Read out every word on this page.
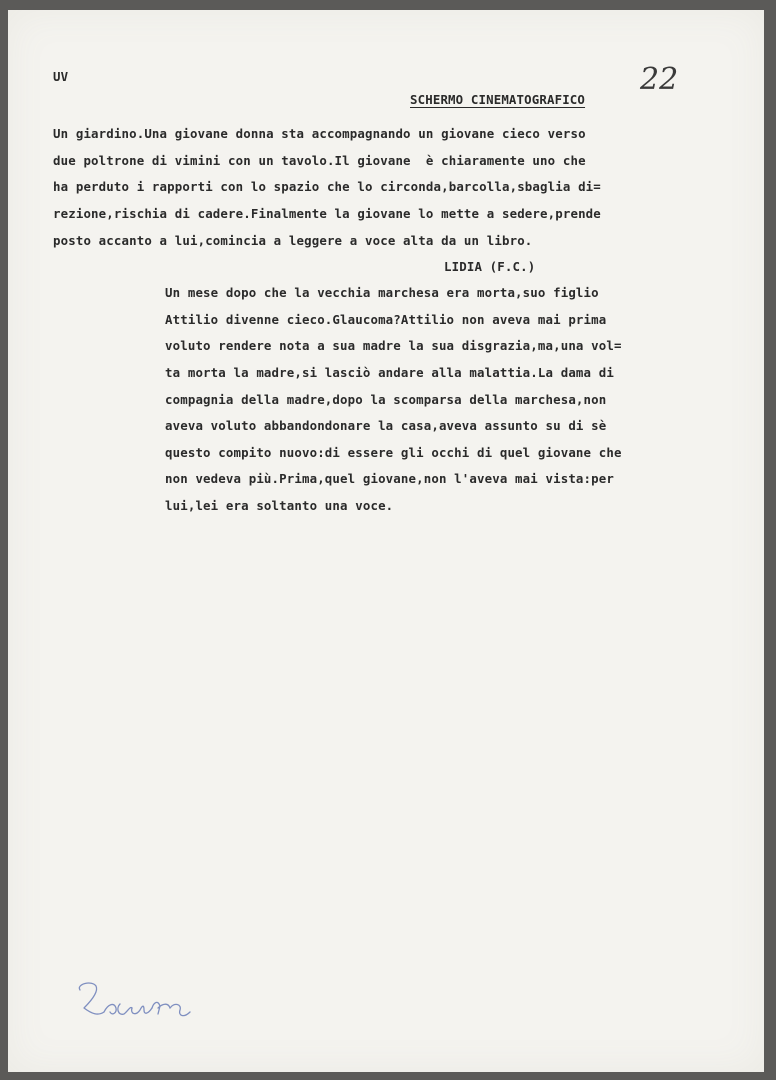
UV	22
SCHERMO CINEMATOGRAFICO
Un giardino.Una giovane donna sta accompagnando un giovane cieco verso
due poltrone di vimini con un tavolo.Il giovane  è chiaramente uno che
ha perduto i rapporti con lo spazio che lo circonda,barcolla,sbaglia di=
rezione,rischia di cadere.Finalmente la giovane lo mette a sedere,prende
posto accanto a lui,comincia a leggere a voce alta da un libro.
LIDIA (F.C.)
Un mese dopo che la vecchia marchesa era morta,suo figlio
Attilio divenne cieco.Glaucoma?Attilio non aveva mai prima
voluto rendere nota a sua madre la sua disgrazia,ma,una vol=
ta morta la madre,si lasciò andare alla malattia.La dama di
compagnia della madre,dopo la scomparsa della marchesa,non
aveva voluto abbandondonare la casa,aveva assunto su di sè
questo compito nuovo:di essere gli occhi di quel giovane che
non vedeva più.Prima,quel giovane,non l'aveva mai vista:per
lui,lei era soltanto una voce.
